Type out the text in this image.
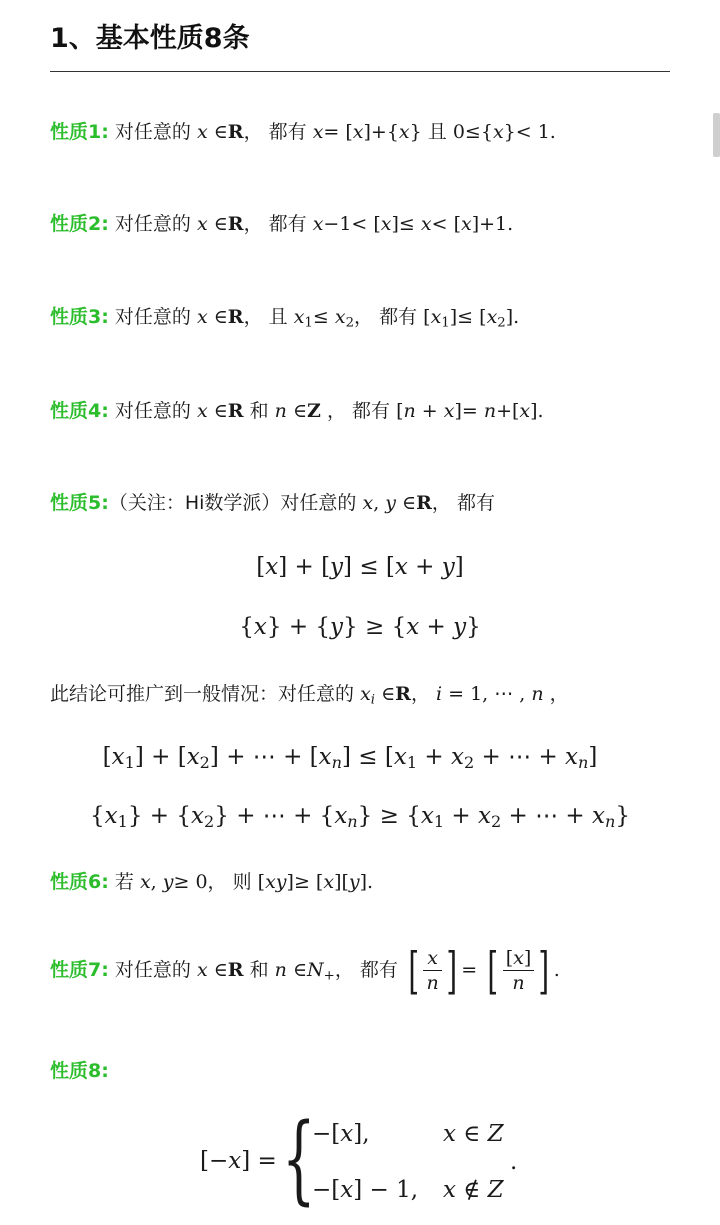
1、基本性质8条
性质1: 对任意的 x ∈R， 都有 x= [x]+{x} 且 0≤{x}< 1.
性质2: 对任意的 x ∈R， 都有 x−1< [x]≤ x< [x]+1.
性质3: 对任意的 x ∈R， 且 $x_1\le x_2$， 都有 $[x_1]\le [x_2]$.
性质4: 对任意的 x ∈R 和 n ∈Z ， 都有 [n + x]= n+[x].
性质5:（关注：Hi数学派）对任意的 x, y ∈R， 都有
[x] + [y] ≤ [x + y]
{x} + {y} ≥ {x + y}
此结论可推广到一般情况：对任意的 $x_i$ ∈R， i = 1, ⋯ , n ，
$[x_1] + [x_2]$ + ⋯ + $[x_n] \le [x_1 + x_2$ + ⋯ + $x_n$]
$\{x_1\} + \{x_2\}$ + ⋯ + $\{x_n\} \ge \{x_1 + x_2$ + ⋯ + $x_n$}
性质6: 若 x, y≥ 0， 则 [xy]≥ [x][y].
性质7: 对任意的 x ∈R 和 n $\in N_+$， 都有 [ $\frac{x}{n}$ ] = [ $\frac{[x]}{n}$ ] .
性质8:
[−x] = {
−[x],	x ∈ Z
−[x] − 1, x ∉ Z
.
